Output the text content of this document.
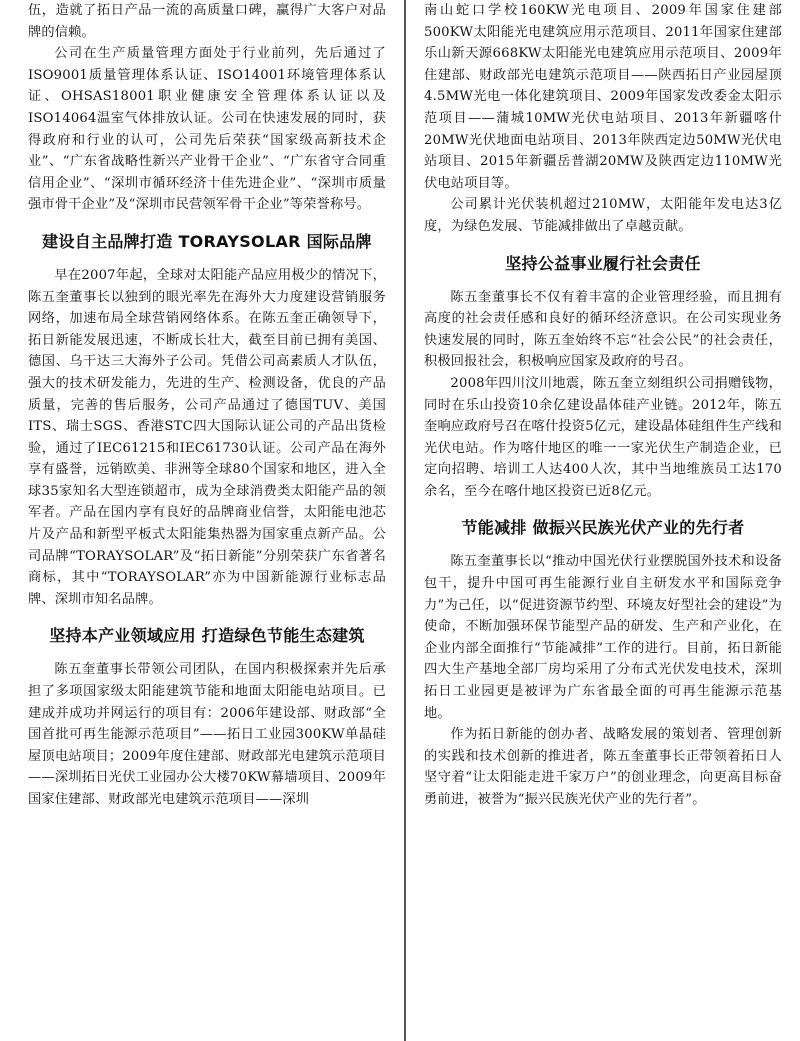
伍，造就了拓日产品一流的高质量口碑，赢得广大客户对品牌的信赖。

公司在生产质量管理方面处于行业前列，先后通过了ISO9001质量管理体系认证、ISO14001环境管理体系认证、OHSAS18001职业健康安全管理体系认证以及ISO14064温室气体排放认证。公司在快速发展的同时，获得政府和行业的认可，公司先后荣获“国家级高新技术企业”、“广东省战略性新兴产业骨干企业”、“广东省守合同重信用企业”、“深圳市循环经济十佳先进企业”、“深圳市质量强市骨干企业”及“深圳市民营领军骨干企业”等荣誉称号。

建设自主品牌打造 TORAYSOLAR 国际品牌

早在2007年起，全球对太阳能产品应用极少的情况下，陈五奎董事长以独到的眼光率先在海外大力度建设营销服务网络，加速布局全球营销网络体系。在陈五奎正确领导下，拓日新能发展迅速，不断成长壮大，截至目前已拥有美国、德国、乌干达三大海外子公司。凭借公司高素质人才队伍，强大的技术研发能力，先进的生产、检测设备，优良的产品质量，完善的售后服务，公司产品通过了德国TUV、美国ITS、瑞士SGS、香港STC四大国际认证公司的产品出货检验，通过了IEC61215和IEC61730认证。公司产品在海外享有盛誉，远销欧美、非洲等全球80个国家和地区，进入全球35家知名大型连锁超市，成为全球消费类太阳能产品的领军者。产品在国内享有良好的品牌商业信誉，太阳能电池芯片及产品和新型平板式太阳能集热器为国家重点新产品。公司品牌“TORAYSOLAR”及“拓日新能”分别荣获广东省著名商标，其中“TORAYSOLAR”亦为中国新能源行业标志品牌、深圳市知名品牌。

坚持本产业领域应用 打造绿色节能生态建筑

陈五奎董事长带领公司团队，在国内积极探索并先后承担了多项国家级太阳能建筑节能和地面太阳能电站项目。已建成并成功并网运行的项目有：2006年建设部、财政部“全国首批可再生能源示范项目”——拓日工业园300KW单晶硅屋顶电站项目；2009年度住建部、财政部光电建筑示范项目——深圳拓日光伏工业园办公大楼70KW幕墙项目、2009年国家住建部、财政部光电建筑示范项目——深圳

南山蛇口学校160KW光电项目、2009年国家住建部500KW太阳能光电建筑应用示范项目、2011年国家住建部乐山新天源668KW太阳能光电建筑应用示范项目、2009年住建部、财政部光电建筑示范项目——陕西拓日产业园屋顶4.5MW光电一体化建筑项目、2009年国家发改委金太阳示范项目——蒲城10MW光伏电站项目、2013年新疆喀什20MW光伏地面电站项目、2013年陕西定边50MW光伏电站项目、2015年新疆岳普湖20MW及陕西定边110MW光伏电站项目等。

公司累计光伏装机超过210MW，太阳能年发电达3亿度，为绿色发展、节能减排做出了卓越贡献。

坚持公益事业履行社会责任

陈五奎董事长不仅有着丰富的企业管理经验，而且拥有高度的社会责任感和良好的循环经济意识。在公司实现业务快速发展的同时，陈五奎始终不忘“社会公民”的社会责任，积极回报社会，积极响应国家及政府的号召。

2008年四川汶川地震，陈五奎立刻组织公司捐赠钱物，同时在乐山投资10余亿建设晶体硅产业链。2012年，陈五奎响应政府号召在喀什投资5亿元，建设晶体硅组件生产线和光伏电站。作为喀什地区的唯一一家光伏生产制造企业，已定向招聘、培训工人达400人次，其中当地维族员工达170余名，至今在喀什地区投资已近8亿元。

节能减排 做振兴民族光伏产业的先行者

陈五奎董事长以“推动中国光伏行业摆脱国外技术和设备包干，提升中国可再生能源行业自主研发水平和国际竞争力”为己任，以“促进资源节约型、环境友好型社会的建设”为使命，不断加强环保节能型产品的研发、生产和产业化，在企业内部全面推行“节能减排”工作的进行。目前，拓日新能四大生产基地全部厂房均采用了分布式光伏发电技术，深圳拓日工业园更是被评为广东省最全面的可再生能源示范基地。

作为拓日新能的创办者、战略发展的策划者、管理创新的实践和技术创新的推进者，陈五奎董事长正带领着拓日人坚守着“让太阳能走进千家万户”的创业理念，向更高目标奋勇前进，被誉为“振兴民族光伏产业的先行者”。
